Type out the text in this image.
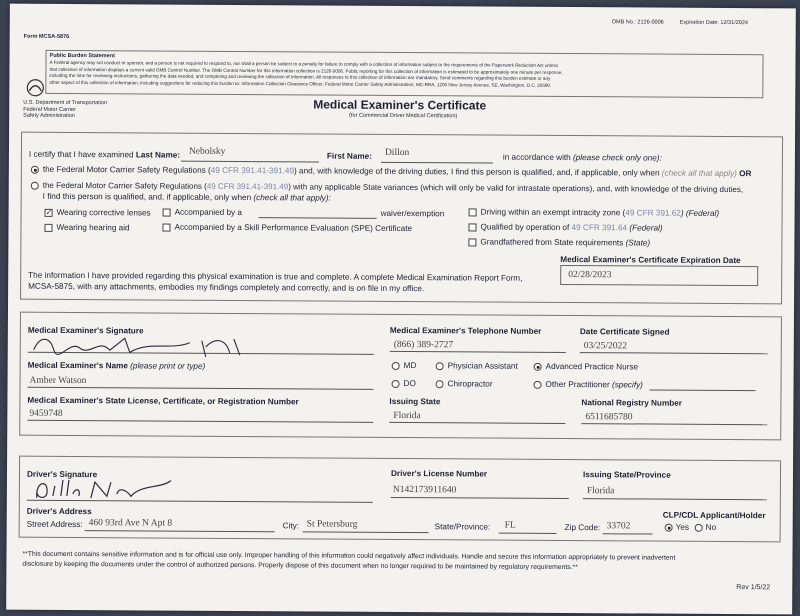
Form MCSA-5876
OMB No.: 2126-0006	Expiration Date: 12/31/2024
Public Burden Statement
A Federal agency may not conduct or sponsor, and a person is not required to respond to, nor shall a person be subject to a penalty for failure to comply with a collection of information subject to the requirements of the Paperwork Reduction Act unless
that collection of information displays a current valid OMB Control Number. The OMB Control Number for this information collection is 2126-0006. Public reporting for this collection of information is estimated to be approximately one minute per response,
including the time for reviewing instructions, gathering the data needed, and completing and reviewing the collection of information. All responses to this collection of information are mandatory. Send comments regarding this burden estimate or any
other aspect of this collection of information, including suggestions for reducing this burden to: Information Collection Clearance Officer, Federal Motor Carrier Safety Administration, MC-RRA, 1200 New Jersey Avenue, SE, Washington, D.C. 20590.
U.S. Department of Transportation
Federal Motor Carrier
Safety Administration
Medical Examiner's Certificate
(for Commercial Driver Medical Certification)
I certify that I have examined Last Name: Nebolsky	First Name: Dillon	in accordance with (please check only one):
the Federal Motor Carrier Safety Regulations (49 CFR 391.41-391.49) and, with knowledge of the driving duties, I find this person is qualified, and, if applicable, only when (check all that apply) OR
the Federal Motor Carrier Safety Regulations (49 CFR 391.41-391.49) with any applicable State variances (which will only be valid for intrastate operations), and, with knowledge of the driving duties,
I find this person is qualified, and, if applicable, only when (check all that apply):
✓ Wearing corrective lenses
Wearing hearing aid
Accompanied by a	waiver/exemption
Accompanied by a Skill Performance Evaluation (SPE) Certificate
Driving within an exempt intracity zone (49 CFR 391.62) (Federal)
Qualified by operation of 49 CFR 391.64 (Federal)
Grandfathered from State requirements (State)
Medical Examiner's Certificate Expiration Date
02/28/2023
The information I have provided regarding this physical examination is true and complete. A complete Medical Examination Report Form,
MCSA-5875, with any attachments, embodies my findings completely and correctly, and is on file in my office.
Medical Examiner's Signature	Medical Examiner's Telephone Number
(866) 389-2727
Date Certificate Signed
03/25/2022
Medical Examiner's Name (please print or type)
Amber Watson
MD	Physician Assistant	Advanced Practice Nurse
DO	Chiropractor	Other Practitioner (specify)
Medical Examiner's State License, Certificate, or Registration Number
9459748
Issuing State
Florida
National Registry Number
6511685780
Driver's Signature	Driver's License Number
N142173911640
Issuing State/Province
Florida
Driver's Address
Street Address: 460 93rd Ave N Apt 8	City: St Petersburg	State/Province: FL	Zip Code: 33702
CLP/CDL Applicant/Holder
Yes No
**This document contains sensitive information and is for official use only. Improper handling of this information could negatively affect individuals. Handle and secure this information appropriately to prevent inadvertent
disclosure by keeping the documents under the control of authorized persons. Properly dispose of this document when no longer required to be maintained by regulatory requirements.**
Rev 1/5/22
